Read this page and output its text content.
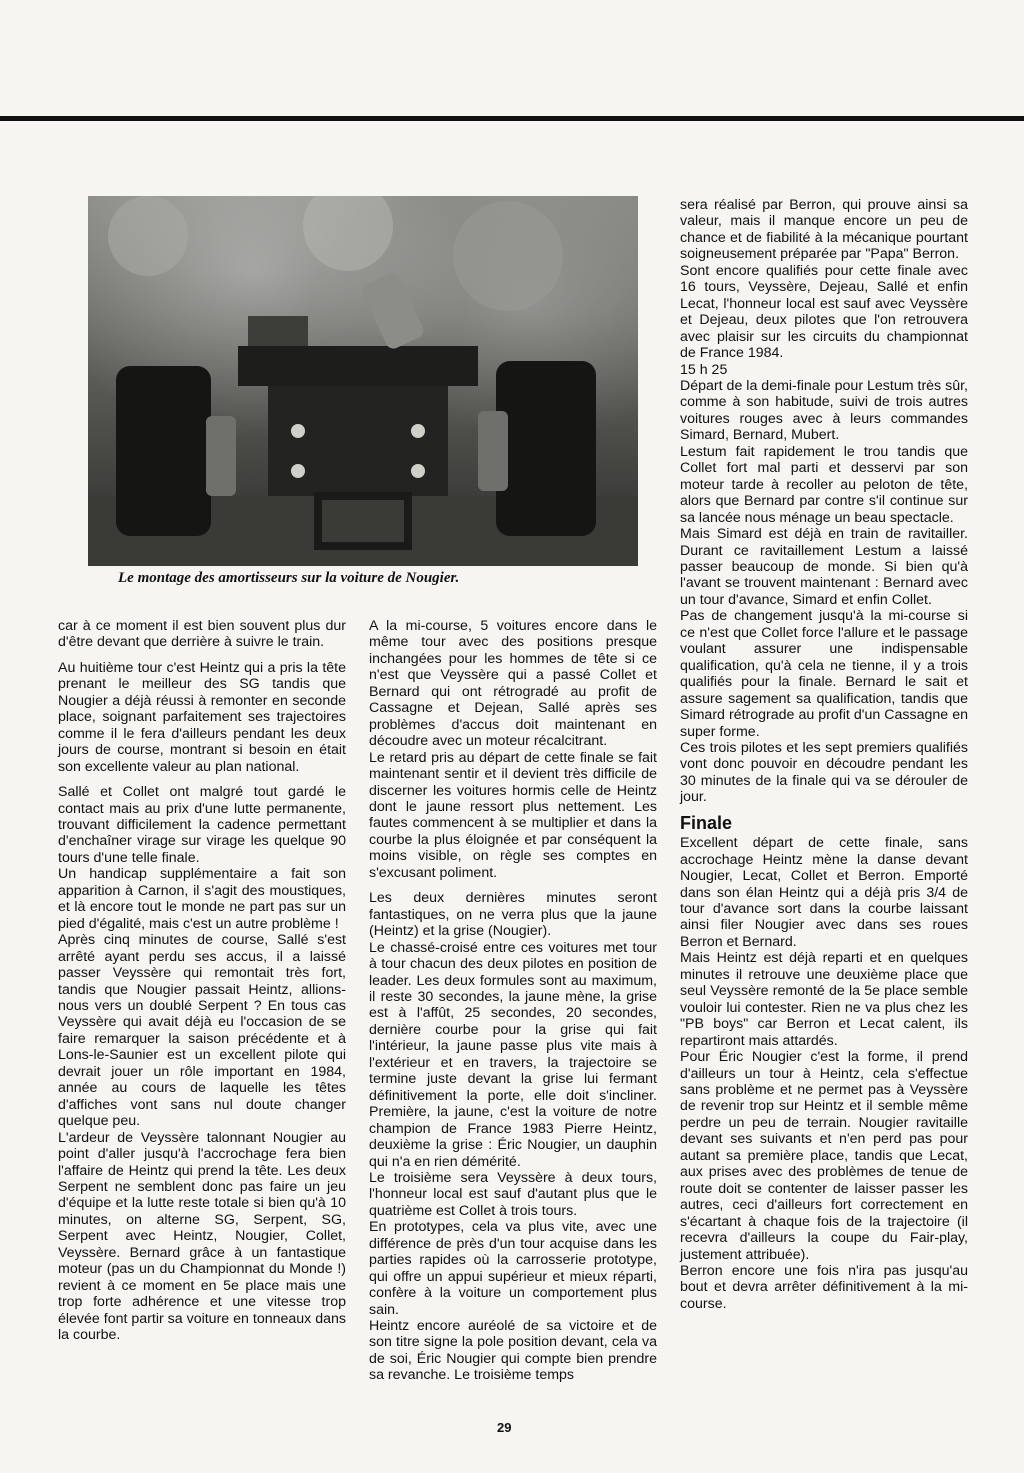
Le montage des amortisseurs sur la voiture de Nougier.

car à ce moment il est bien souvent plus dur d'être devant que derrière à suivre le train.

Au huitième tour c'est Heintz qui a pris la tête prenant le meilleur des SG tandis que Nougier a déjà réussi à remonter en seconde place, soignant parfaitement ses trajectoires comme il le fera d'ailleurs pendant les deux jours de course, montrant si besoin en était son excellente valeur au plan national.

Sallé et Collet ont malgré tout gardé le contact mais au prix d'une lutte permanente, trouvant difficilement la cadence permettant d'enchaîner virage sur virage les quelque 90 tours d'une telle finale.

Un handicap supplémentaire a fait son apparition à Carnon, il s'agit des moustiques, et là encore tout le monde ne part pas sur un pied d'égalité, mais c'est un autre problème !

Après cinq minutes de course, Sallé s'est arrêté ayant perdu ses accus, il a laissé passer Veyssère qui remontait très fort, tandis que Nougier passait Heintz, allions-nous vers un doublé Serpent ? En tous cas Veyssère qui avait déjà eu l'occasion de se faire remarquer la saison précédente et à Lons-le-Saunier est un excellent pilote qui devrait jouer un rôle important en 1984, année au cours de laquelle les têtes d'affiches vont sans nul doute changer quelque peu.

L'ardeur de Veyssère talonnant Nougier au point d'aller jusqu'à l'accrochage fera bien l'affaire de Heintz qui prend la tête. Les deux Serpent ne semblent donc pas faire un jeu d'équipe et la lutte reste totale si bien qu'à 10 minutes, on alterne SG, Serpent, SG, Serpent avec Heintz, Nougier, Collet, Veyssère. Bernard grâce à un fantastique moteur (pas un du Championnat du Monde !) revient à ce moment en 5e place mais une trop forte adhérence et une vitesse trop élevée font partir sa voiture en tonneaux dans la courbe.

A la mi-course, 5 voitures encore dans le même tour avec des positions presque inchangées pour les hommes de tête si ce n'est que Veyssère qui a passé Collet et Bernard qui ont rétrogradé au profit de Cassagne et Dejean, Sallé après ses problèmes d'accus doit maintenant en découdre avec un moteur récalcitrant.

Le retard pris au départ de cette finale se fait maintenant sentir et il devient très difficile de discerner les voitures hormis celle de Heintz dont le jaune ressort plus nettement. Les fautes commencent à se multiplier et dans la courbe la plus éloignée et par conséquent la moins visible, on règle ses comptes en s'excusant poliment.

Les deux dernières minutes seront fantastiques, on ne verra plus que la jaune (Heintz) et la grise (Nougier).

Le chassé-croisé entre ces voitures met tour à tour chacun des deux pilotes en position de leader. Les deux formules sont au maximum, il reste 30 secondes, la jaune mène, la grise est à l'affût, 25 secondes, 20 secondes, dernière courbe pour la grise qui fait l'intérieur, la jaune passe plus vite mais à l'extérieur et en travers, la trajectoire se termine juste devant la grise lui fermant définitivement la porte, elle doit s'incliner. Première, la jaune, c'est la voiture de notre champion de France 1983 Pierre Heintz, deuxième la grise : Éric Nougier, un dauphin qui n'a en rien démérité.

Le troisième sera Veyssère à deux tours, l'honneur local est sauf d'autant plus que le quatrième est Collet à trois tours.

En prototypes, cela va plus vite, avec une différence de près d'un tour acquise dans les parties rapides où la carrosserie prototype, qui offre un appui supérieur et mieux réparti, confère à la voiture un comportement plus sain.

Heintz encore auréolé de sa victoire et de son titre signe la pole position devant, cela va de soi, Éric Nougier qui compte bien prendre sa revanche. Le troisième temps

sera réalisé par Berron, qui prouve ainsi sa valeur, mais il manque encore un peu de chance et de fiabilité à la mécanique pourtant soigneusement préparée par "Papa" Berron.

Sont encore qualifiés pour cette finale avec 16 tours, Veyssère, Dejeau, Sallé et enfin Lecat, l'honneur local est sauf avec Veyssère et Dejeau, deux pilotes que l'on retrouvera avec plaisir sur les circuits du championnat de France 1984.

15 h 25

Départ de la demi-finale pour Lestum très sûr, comme à son habitude, suivi de trois autres voitures rouges avec à leurs commandes Simard, Bernard, Mubert.

Lestum fait rapidement le trou tandis que Collet fort mal parti et desservi par son moteur tarde à recoller au peloton de tête, alors que Bernard par contre s'il continue sur sa lancée nous ménage un beau spectacle.

Mais Simard est déjà en train de ravitailler. Durant ce ravitaillement Lestum a laissé passer beaucoup de monde. Si bien qu'à l'avant se trouvent maintenant : Bernard avec un tour d'avance, Simard et enfin Collet.

Pas de changement jusqu'à la mi-course si ce n'est que Collet force l'allure et le passage voulant assurer une indispensable qualification, qu'à cela ne tienne, il y a trois qualifiés pour la finale. Bernard le sait et assure sagement sa qualification, tandis que Simard rétrograde au profit d'un Cassagne en super forme.

Ces trois pilotes et les sept premiers qualifiés vont donc pouvoir en découdre pendant les 30 minutes de la finale qui va se dérouler de jour.

Finale

Excellent départ de cette finale, sans accrochage Heintz mène la danse devant Nougier, Lecat, Collet et Berron. Emporté dans son élan Heintz qui a déjà pris 3/4 de tour d'avance sort dans la courbe laissant ainsi filer Nougier avec dans ses roues Berron et Bernard.

Mais Heintz est déjà reparti et en quelques minutes il retrouve une deuxième place que seul Veyssère remonté de la 5e place semble vouloir lui contester. Rien ne va plus chez les "PB boys" car Berron et Lecat calent, ils repartiront mais attardés.

Pour Éric Nougier c'est la forme, il prend d'ailleurs un tour à Heintz, cela s'effectue sans problème et ne permet pas à Veyssère de revenir trop sur Heintz et il semble même perdre un peu de terrain. Nougier ravitaille devant ses suivants et n'en perd pas pour autant sa première place, tandis que Lecat, aux prises avec des problèmes de tenue de route doit se contenter de laisser passer les autres, ceci d'ailleurs fort correctement en s'écartant à chaque fois de la trajectoire (il recevra d'ailleurs la coupe du Fair-play, justement attribuée).

Berron encore une fois n'ira pas jusqu'au bout et devra arrêter définitivement à la mi-course.

29
